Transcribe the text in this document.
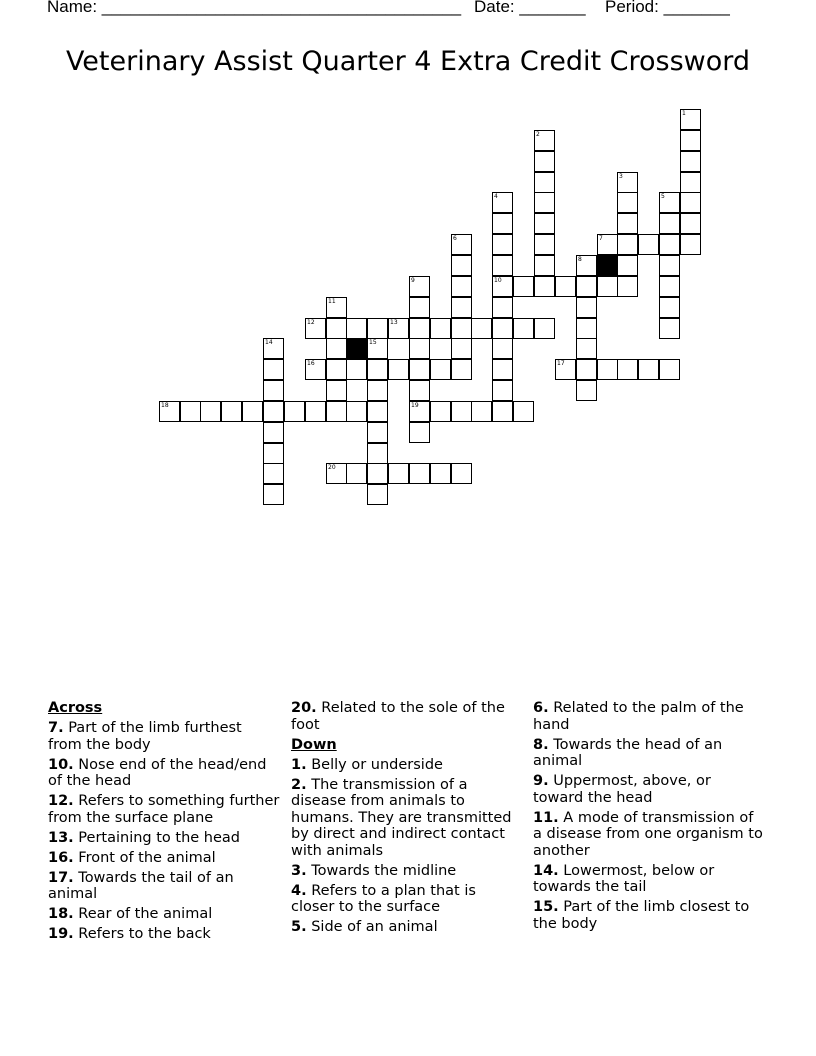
Name: ______________________________________ Date: _______ Period: _______
Veterinary Assist Quarter 4 Extra Credit Crossword
1
2
3
4
10
5
6	7
8
9
19
11
12	13
14	15
16	17
18
20
Across
7. Part of the limb furthest from the body
10. Nose end of the head/end of the head
12. Refers to something further from the surface plane
13. Pertaining to the head
16. Front of the animal
17. Towards the tail of an animal
18. Rear of the animal
19. Refers to the back
20. Related to the sole of the foot
Down
1. Belly or underside
2. The transmission of a disease from animals to humans. They are transmitted by direct and indirect contact with animals
3. Towards the midline
4. Refers to a plan that is closer to the surface
5. Side of an animal
6. Related to the palm of the hand
8. Towards the head of an animal
9. Uppermost, above, or toward the head
11. A mode of transmission of a disease from one organism to another
14. Lowermost, below or towards the tail
15. Part of the limb closest to the body
